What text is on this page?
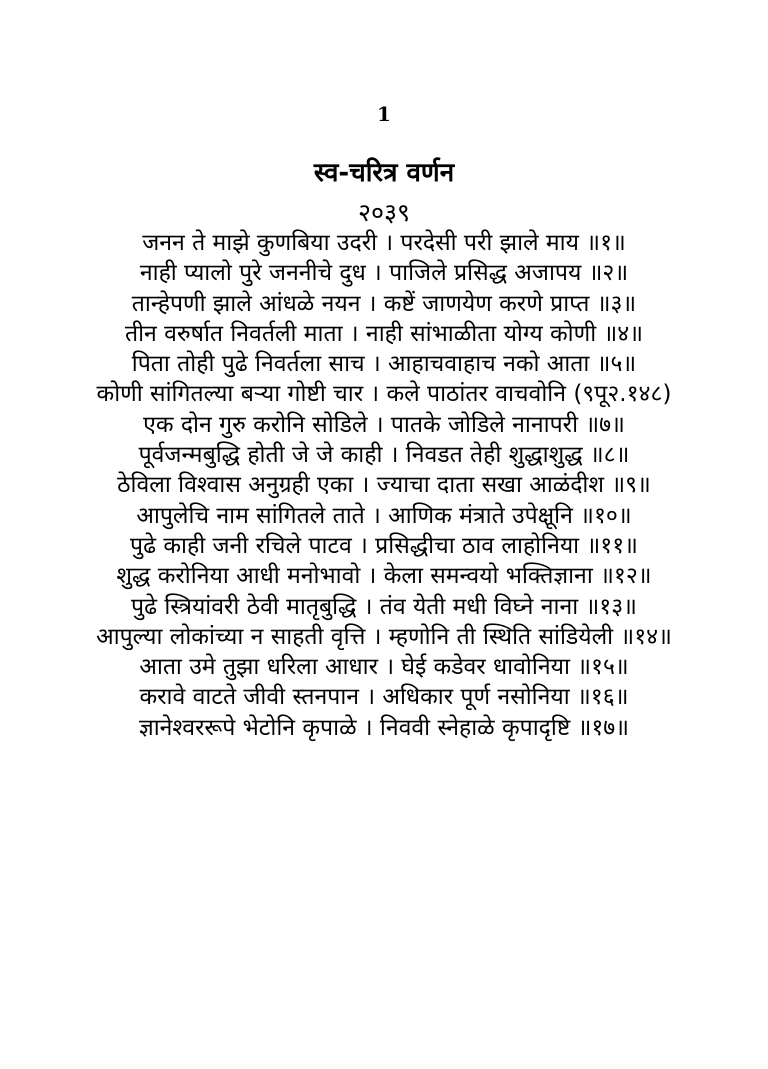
1
स्व-चरित्र वर्णन
२०३९
जनन ते माझे कुणबिया उदरी । परदेसी परी झाले माय ॥१॥
नाही प्यालो पुरे जननीचे दुध । पाजिले प्रसिद्ध अजापय ॥२॥
तान्हेपणी झाले आंधळे नयन । कष्टें जाणयेण करणे प्राप्त ॥३॥
तीन वरुर्षात निवर्तली माता । नाही सांभाळीता योग्य कोणी ॥४॥
पिता तोही पुढे निवर्तला साच । आहाचवाहाच नको आता ॥५॥
कोणी सांगितल्या बऱ्या गोष्टी चार । कले पाठांतर वाचवोनि (९पू२.१४८)
एक दोन गुरु करोनि सोडिले । पातके जोडिले नानापरी ॥७॥
पूर्वजन्मबुद्धि होती जे जे काही । निवडत तेही शुद्धाशुद्ध ॥८॥
ठेविला विश्वास अनुग्रही एका । ज्याचा दाता सखा आळंदीश ॥९॥
आपुलेचि नाम सांगितले ताते । आणिक मंत्राते उपेक्षूनि ॥१०॥
पुढे काही जनी रचिले पाटव । प्रसिद्धीचा ठाव लाहोनिया ॥११॥
शुद्ध करोनिया आधी मनोभावो । केला समन्वयो भक्तिज्ञाना ॥१२॥
पुढे स्त्रियांवरी ठेवी मातृबुद्धि । तंव येती मधी विघ्ने नाना ॥१३॥
आपुल्या लोकांच्या न साहती वृत्ति । म्हणोनि ती स्थिति सांडियेली ॥१४॥
आता उमे तुझा धरिला आधार । घेई कडेवर धावोनिया ॥१५॥
करावे वाटते जीवी स्तनपान । अधिकार पूर्ण नसोनिया ॥१६॥
ज्ञानेश्वररूपे भेटोनि कृपाळे । निववी स्नेहाळे कृपादृष्टि ॥१७॥
